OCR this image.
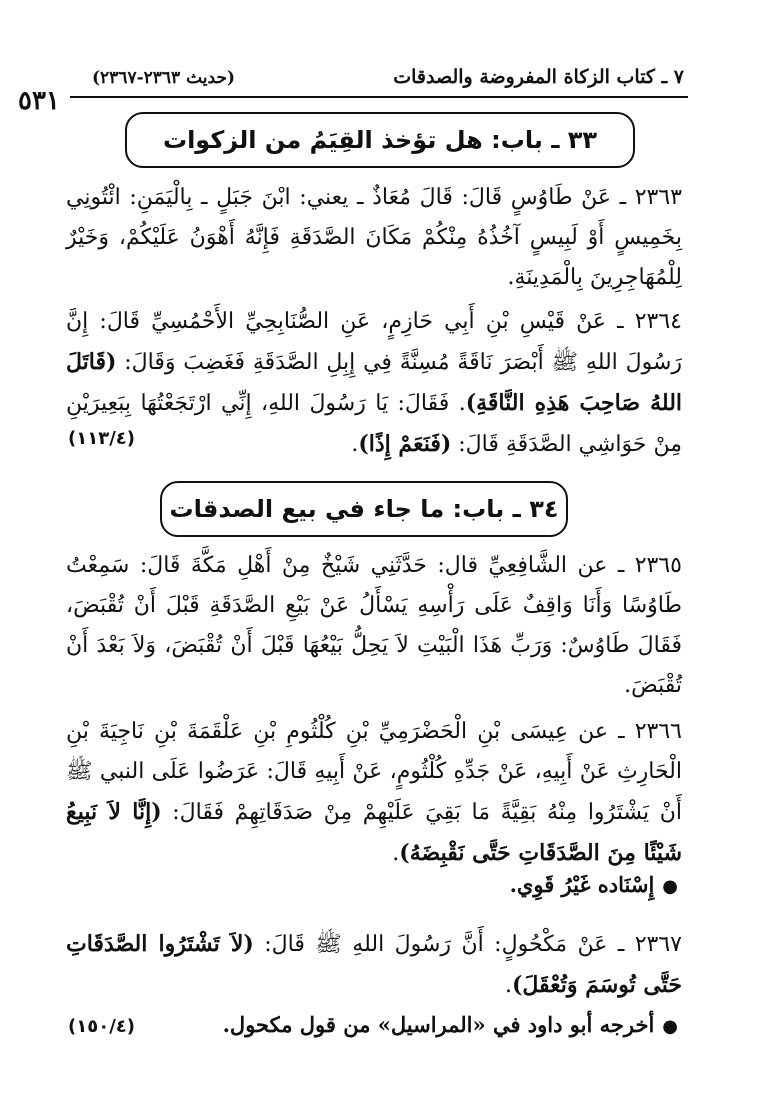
٥٣١
٧ ـ كتاب الزكاة المفروضة والصدقات
(حديث ٢٣٦٣-٢٣٦٧)
٣٣ ـ باب: هل تؤخذ القِيَمُ من الزكوات
٢٣٦٣ ـ عَنْ طَاوُسٍ قَالَ: قَالَ مُعَاذٌ ـ يعني: ابْنَ جَبَلٍ ـ بِالْيَمَنِ: ائْتُونِي بِخَمِيسٍ أَوْ لَبِيسٍ آخُذُهُ مِنْكُمْ مَكَانَ الصَّدَقَةِ فَإِنَّهُ أَهْوَنُ عَلَيْكُمْ، وَخَيْرٌ لِلْمُهَاجِرِينَ بِالْمَدِينَةِ.
٢٣٦٤ ـ عَنْ قَيْسِ بْنِ أَبِي حَازِمٍ، عَنِ الصُّنَابِحِيِّ الأَحْمُسِيِّ قَالَ: إِنَّ رَسُولَ اللهِ ﷺ أَبْصَرَ نَاقَةً مُسِنَّةً فِي إِبِلِ الصَّدَقَةِ فَغَضِبَ وَقَالَ: (قَاتَلَ اللهُ صَاحِبَ هَذِهِ النَّاقَةِ). فَقَالَ: يَا رَسُولَ اللهِ، إِنِّي ارْتَجَعْتُهَا بِبَعِيرَيْنِ مِنْ حَوَاشِي الصَّدَقَةِ قَالَ: (فَنَعَمْ إِذًا).
(١١٣/٤)
٣٤ ـ باب: ما جاء في بيع الصدقات
٢٣٦٥ ـ عن الشَّافِعِيِّ قال: حَدَّثَنِي شَيْخٌ مِنْ أَهْلِ مَكَّةَ قَالَ: سَمِعْتُ طَاوُسًا وَأَنَا وَاقِفٌ عَلَى رَأْسِهِ يَسْأَلُ عَنْ بَيْعِ الصَّدَقَةِ قَبْلَ أَنْ تُقْبَضَ، فَقَالَ طَاوُسٌ: وَرَبِّ هَذَا الْبَيْتِ لاَ يَحِلُّ بَيْعُهَا قَبْلَ أَنْ تُقْبَضَ، وَلاَ بَعْدَ أَنْ تُقْبَضَ.
٢٣٦٦ ـ عن عِيسَى بْنِ الْحَضْرَمِيِّ بْنِ كُلْثُومِ بْنِ عَلْقَمَةَ بْنِ نَاجِيَةَ بْنِ الْحَارِثِ عَنْ أَبِيهِ، عَنْ جَدِّهِ كُلْثُومٍ، عَنْ أَبِيهِ قَالَ: عَرَضُوا عَلَى النبي ﷺ أَنْ يَشْتَرُوا مِنْهُ بَقِيَّةً مَا بَقِيَ عَلَيْهِمْ مِنْ صَدَقَاتِهِمْ فَقَالَ: (إِنَّا لاَ نَبِيعُ شَيْئًا مِنَ الصَّدَقَاتِ حَتَّى نَقْبِضَهُ).
●إِسْنَاده غَيْرُ قَوِي.
٢٣٦٧ ـ عَنْ مَكْحُولٍ: أَنَّ رَسُولَ اللهِ ﷺ قَالَ: (لاَ تَشْتَرُوا الصَّدَقَاتِ حَتَّى تُوسَمَ وَتُعْقَلَ).
●أخرجه أبو داود في «المراسيل» من قول مكحول.
(١٥٠/٤)
